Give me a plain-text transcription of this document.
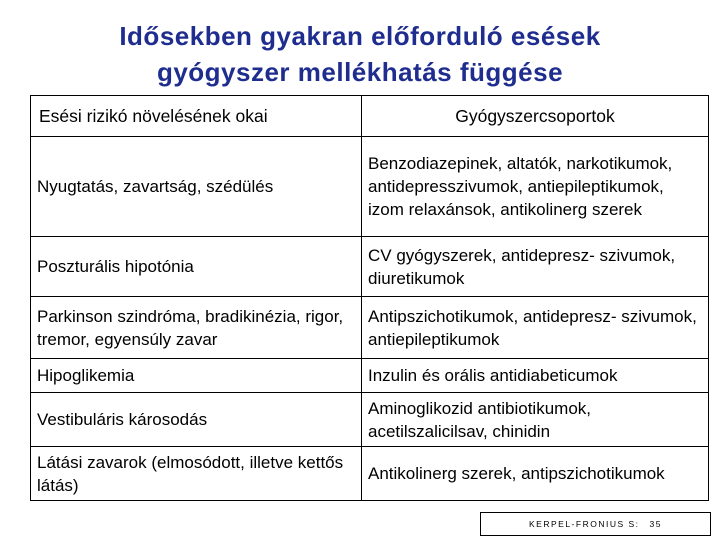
Idősekben gyakran előforduló esések
gyógyszer mellékhatás függése
Esési rizikó növelésének okai	Gyógyszercsoportok
Nyugtatás, zavartság, szédülés	Benzodiazepinek, altatók, narkotikumok, antidepresszivumok, antiepileptikumok, izom relaxánsok, antikolinerg szerek
Poszturális hipotónia	CV gyógyszerek, antidepresz- szivumok, diuretikumok
Parkinson szindróma, bradikinézia, rigor, tremor, egyensúly zavar	Antipszichotikumok, antidepresz- szivumok, antiepileptikumok
Hipoglikemia	Inzulin és orális antidiabeticumok
Vestibuláris károsodás	Aminoglikozid antibiotikumok, acetilszalicilsav, chinidin
Látási zavarok (elmosódott, illetve kettős látás)	Antikolinerg szerek, antipszichotikumok
KERPEL-FRONIUS S: 35
